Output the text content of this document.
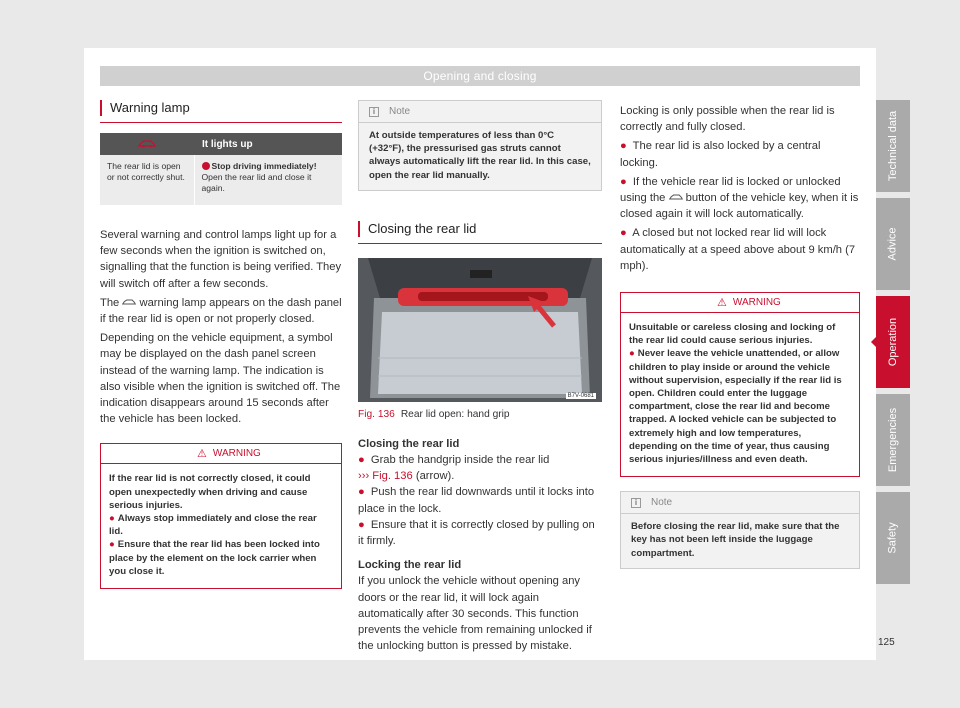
Opening and closing
Warning lamp
	It lights up
The rear lid is open or not correctly shut.	Stop driving immediately!
Open the rear lid and close it again.
Several warning and control lamps light up for a few seconds when the ignition is switched on, signalling that the function is being verified. They will switch off after a few seconds.
The warning lamp appears on the dash panel if the rear lid is open or not properly closed.
Depending on the vehicle equipment, a symbol may be displayed on the dash panel screen instead of the warning lamp. The indication is also visible when the ignition is switched off. The indication disappears around 15 seconds after the vehicle has been locked.
⚠ WARNING
If the rear lid is not correctly closed, it could open unexpectedly when driving and cause serious injuries.
● Always stop immediately and close the rear lid.
● Ensure that the rear lid has been locked into place by the element on the lock carrier when you close it.
i	Note
At outside temperatures of less than 0°C (+32°F), the pressurised gas struts cannot always automatically lift the rear lid. In this case, open the rear lid manually.
Closing the rear lid
B7V-0681
Fig. 136 Rear lid open: hand grip
Closing the rear lid
● Grab the handgrip inside the rear lid
››› Fig. 136 (arrow).
● Push the rear lid downwards until it locks into place in the lock.
● Ensure that it is correctly closed by pulling on it firmly.
Locking the rear lid
If you unlock the vehicle without opening any doors or the rear lid, it will lock again automatically after 30 seconds. This function prevents the vehicle from remaining unlocked if the unlocking button is pressed by mistake.
Locking is only possible when the rear lid is correctly and fully closed.
● The rear lid is also locked by a central locking.
● If the vehicle rear lid is locked or unlocked using the button of the vehicle key, when it is closed again it will lock automatically.
● A closed but not locked rear lid will lock automatically at a speed above about 9 km/h (7 mph).
⚠ WARNING
Unsuitable or careless closing and locking of the rear lid could cause serious injuries.
● Never leave the vehicle unattended, or allow children to play inside or around the vehicle without supervision, especially if the rear lid is open. Children could enter the luggage compartment, close the rear lid and become trapped. A locked vehicle can be subjected to extremely high and low temperatures, depending on the time of year, thus causing serious injuries/illness and even death.
i	Note
Before closing the rear lid, make sure that the key has not been left inside the luggage compartment.
Technical data
Advice
Operation
Emergencies
Safety
125
